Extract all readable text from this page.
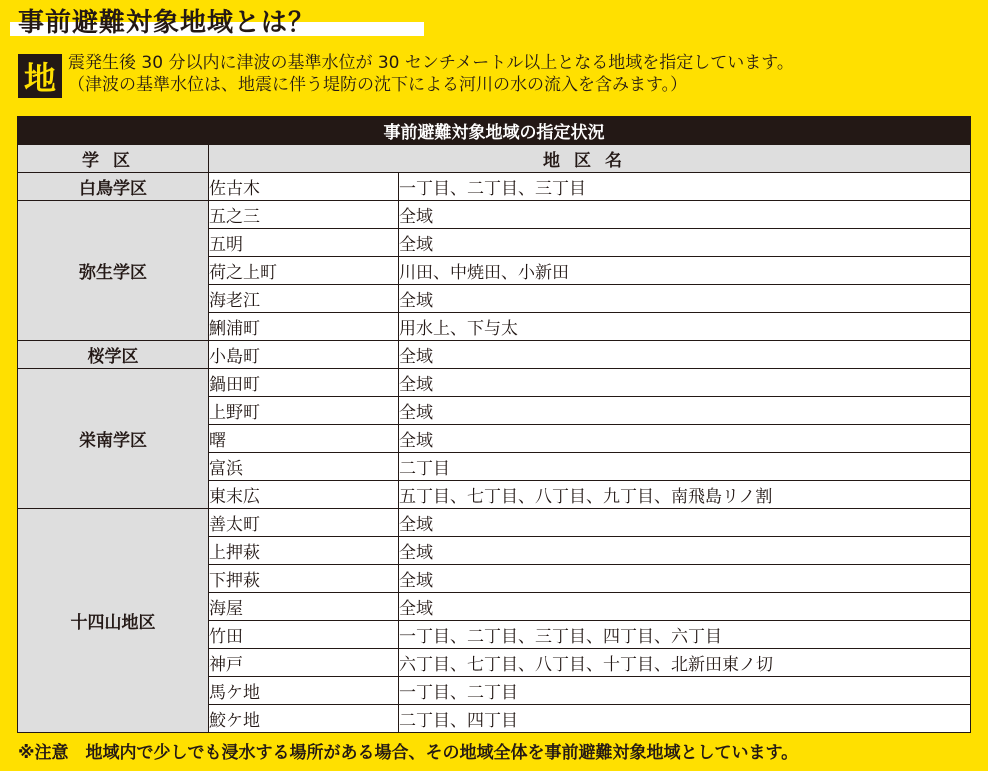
事前避難対象地域とは？
地 震発生後 30 分以内に津波の基準水位が 30 センチメートル以上となる地域を指定しています。
（津波の基準水位は、地震に伴う堤防の沈下による河川の水の流入を含みます。）
事前避難対象地域の指定状況		
学区	地区名	
白鳥学区	佐古木	一丁目、二丁目、三丁目
弥生学区	五之三	全域
	五明	全域
	荷之上町	川田、中焼田、小新田
	海老江	全域
	鯏浦町	用水上、下与太
桜学区	小島町	全域
栄南学区	鍋田町	全域
	上野町	全域
	曙	全域
	富浜	二丁目
	東末広	五丁目、七丁目、八丁目、九丁目、南飛島リノ割
十四山地区	善太町	全域
	上押萩	全域
	下押萩	全域
	海屋	全域
	竹田	一丁目、二丁目、三丁目、四丁目、六丁目
	神戸	六丁目、七丁目、八丁目、十丁目、北新田東ノ切
	馬ケ地	一丁目、二丁目
	鮫ケ地	二丁目、四丁目
※注意　地域内で少しでも浸水する場所がある場合、その地域全体を事前避難対象地域としています。
